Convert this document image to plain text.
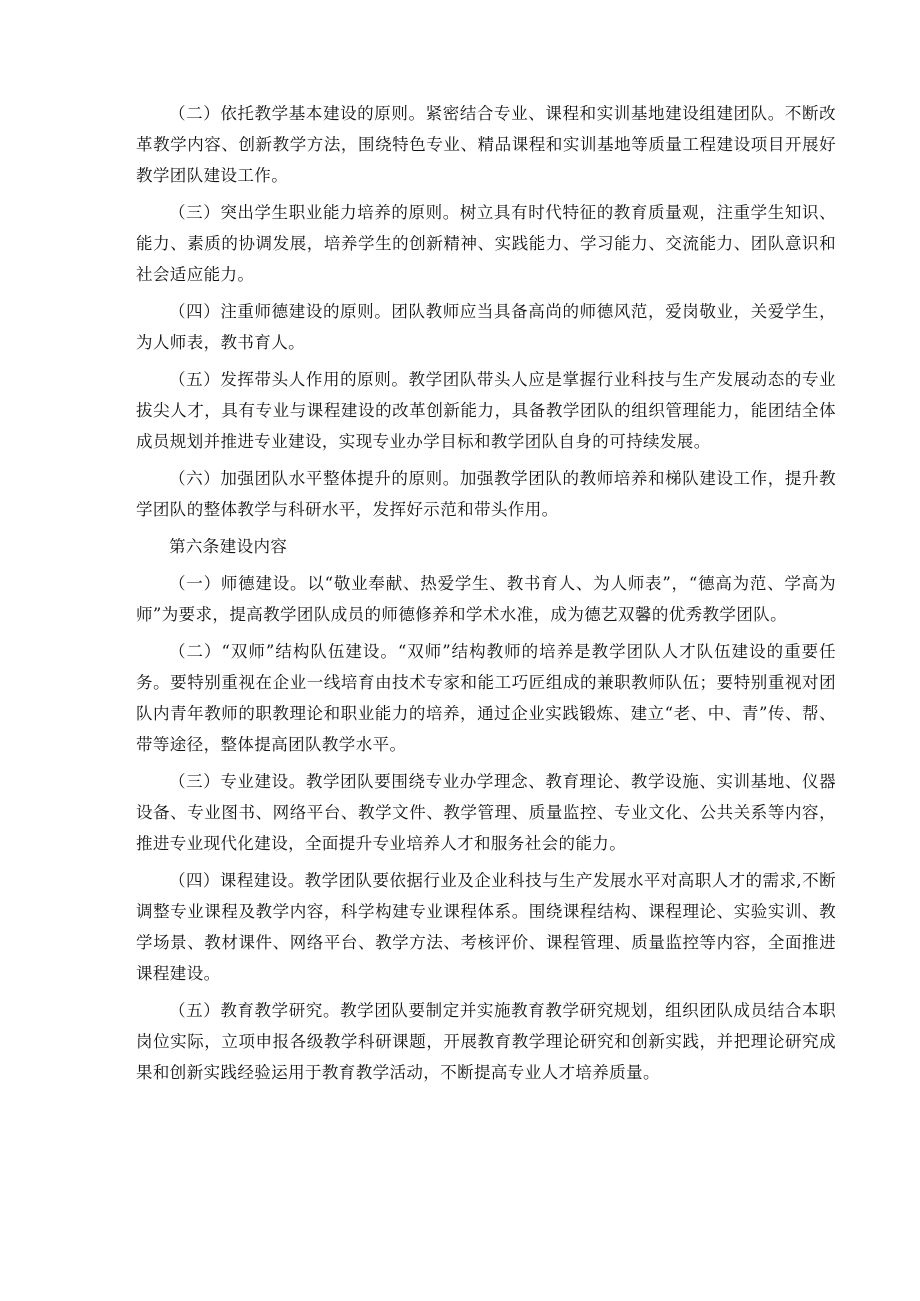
（二）依托教学基本建设的原则。紧密结合专业、课程和实训基地建设组建团队。不断改革教学内容、创新教学方法，围绕特色专业、精品课程和实训基地等质量工程建设项目开展好教学团队建设工作。

（三）突出学生职业能力培养的原则。树立具有时代特征的教育质量观，注重学生知识、能力、素质的协调发展，培养学生的创新精神、实践能力、学习能力、交流能力、团队意识和社会适应能力。

（四）注重师德建设的原则。团队教师应当具备高尚的师德风范，爱岗敬业，关爱学生，为人师表，教书育人。

（五）发挥带头人作用的原则。教学团队带头人应是掌握行业科技与生产发展动态的专业拔尖人才，具有专业与课程建设的改革创新能力，具备教学团队的组织管理能力，能团结全体成员规划并推进专业建设，实现专业办学目标和教学团队自身的可持续发展。

（六）加强团队水平整体提升的原则。加强教学团队的教师培养和梯队建设工作，提升教学团队的整体教学与科研水平，发挥好示范和带头作用。

第六条建设内容

（一）师德建设。以“敬业奉献、热爱学生、教书育人、为人师表”，“德高为范、学高为师”为要求，提高教学团队成员的师德修养和学术水准，成为德艺双馨的优秀教学团队。

（二）“双师”结构队伍建设。“双师”结构教师的培养是教学团队人才队伍建设的重要任务。要特别重视在企业一线培育由技术专家和能工巧匠组成的兼职教师队伍；要特别重视对团队内青年教师的职教理论和职业能力的培养，通过企业实践锻炼、建立“老、中、青”传、帮、带等途径，整体提高团队教学水平。

（三）专业建设。教学团队要围绕专业办学理念、教育理论、教学设施、实训基地、仪器设备、专业图书、网络平台、教学文件、教学管理、质量监控、专业文化、公共关系等内容，推进专业现代化建设，全面提升专业培养人才和服务社会的能力。

（四）课程建设。教学团队要依据行业及企业科技与生产发展水平对高职人才的需求,不断调整专业课程及教学内容，科学构建专业课程体系。围绕课程结构、课程理论、实验实训、教学场景、教材课件、网络平台、教学方法、考核评价、课程管理、质量监控等内容，全面推进课程建设。

（五）教育教学研究。教学团队要制定并实施教育教学研究规划，组织团队成员结合本职岗位实际，立项申报各级教学科研课题，开展教育教学理论研究和创新实践，并把理论研究成果和创新实践经验运用于教育教学活动，不断提高专业人才培养质量。
